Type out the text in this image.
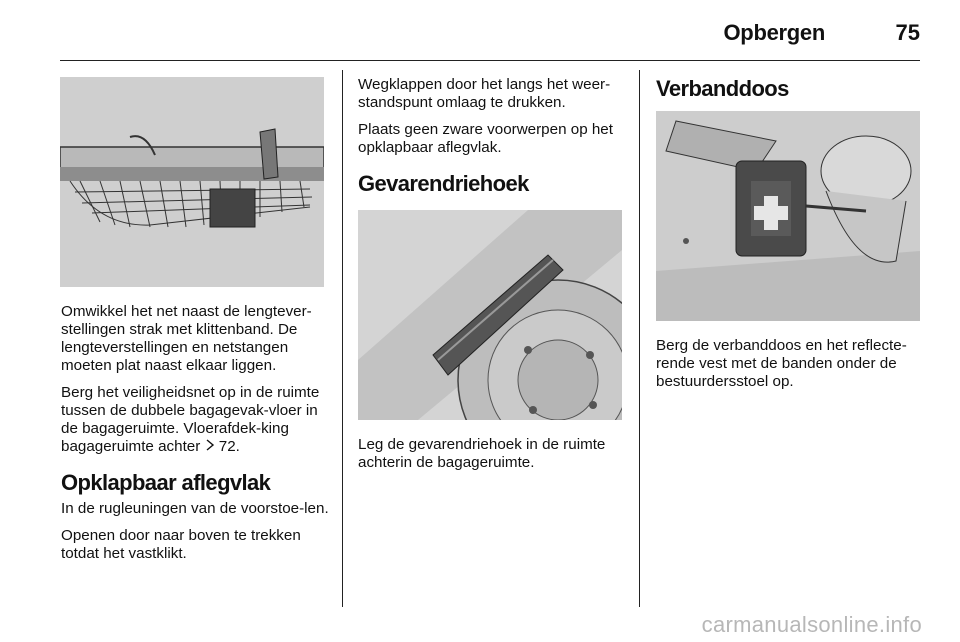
Opbergen	75

Omwikkel het net naast de lengtever-stellingen strak met klittenband. De lengteverstellingen en netstangen moeten plat naast elkaar liggen.

Berg het veiligheidsnet op in de ruimte tussen de dubbele bagagevak-vloer in de bagageruimte. Vloerafdek-king bagageruimte achter 72.

Opklapbaar aflegvlak

In de rugleuningen van de voorstoe-len.

Openen door naar boven te trekken totdat het vastklikt.

Wegklappen door het langs het weer-standspunt omlaag te drukken.

Plaats geen zware voorwerpen op het opklapbaar aflegvlak.

Gevarendriehoek

Leg de gevarendriehoek in de ruimte achterin de bagageruimte.

Verbanddoos

Berg de verbanddoos en het reflecte-rende vest met de banden onder de bestuurdersstoel op.

carmanualsonline.info
